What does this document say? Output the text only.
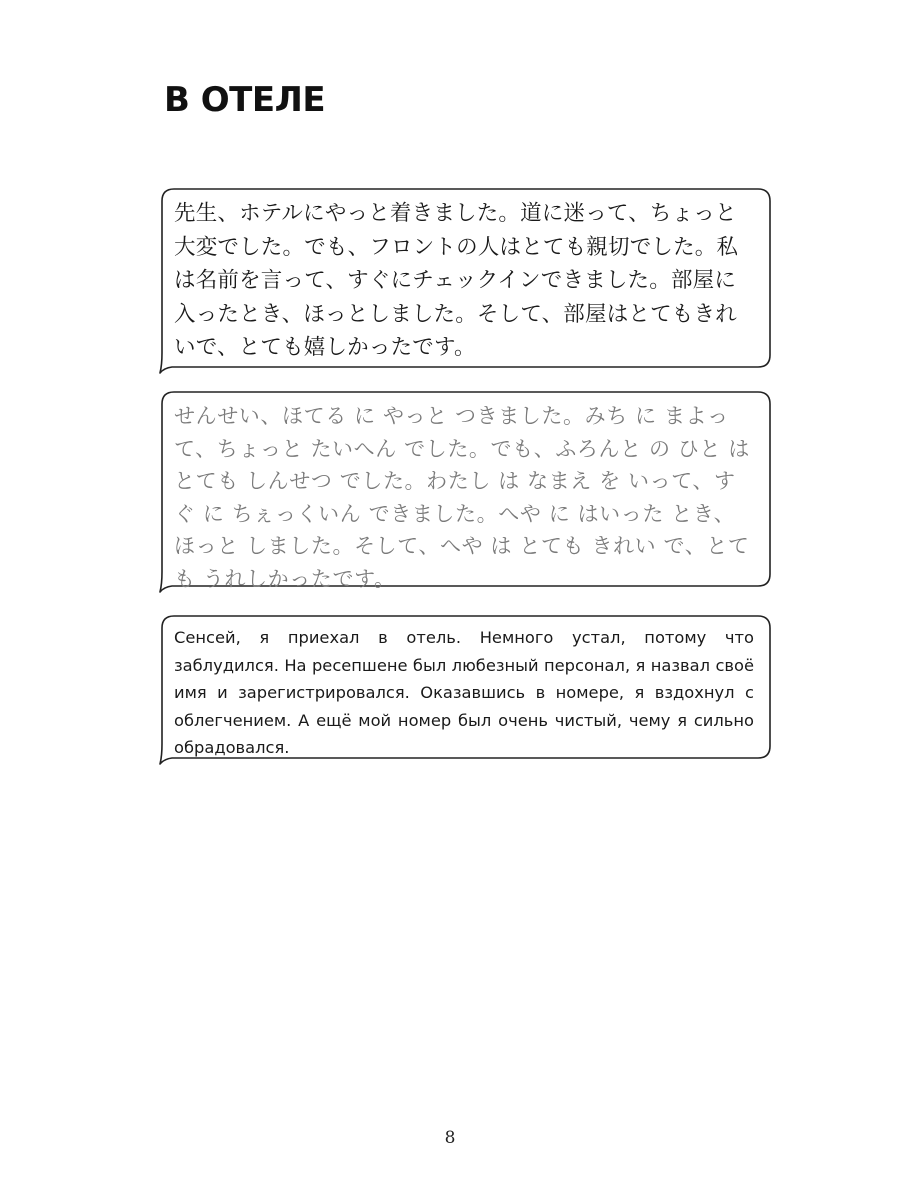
В ОТЕЛЕ
先生、ホテルにやっと着きました。道に迷って、ちょっと大変でした。でも、フロントの人はとても親切でした。私は名前を言って、すぐにチェックインできました。部屋に入ったとき、ほっとしました。そして、部屋はとてもきれいで、とても嬉しかったです。
せんせい、ほてる に やっと つきました。みち に まよって、ちょっと たいへん でした。でも、ふろんと の ひと は とても しんせつ でした。わたし は なまえ を いって、すぐ に ちぇっくいん できました。へや に はいった とき、ほっと しました。そして、へや は とても きれい で、とても うれしかったです。
Сенсей, я приехал в отель. Немного устал, потому что заблудился. На ресепшене был любезный персонал, я назвал своё имя и зарегистрировался. Оказавшись в номере, я вздохнул с облегчением. А ещё мой номер был очень чистый, чему я сильно обрадовался.
8
